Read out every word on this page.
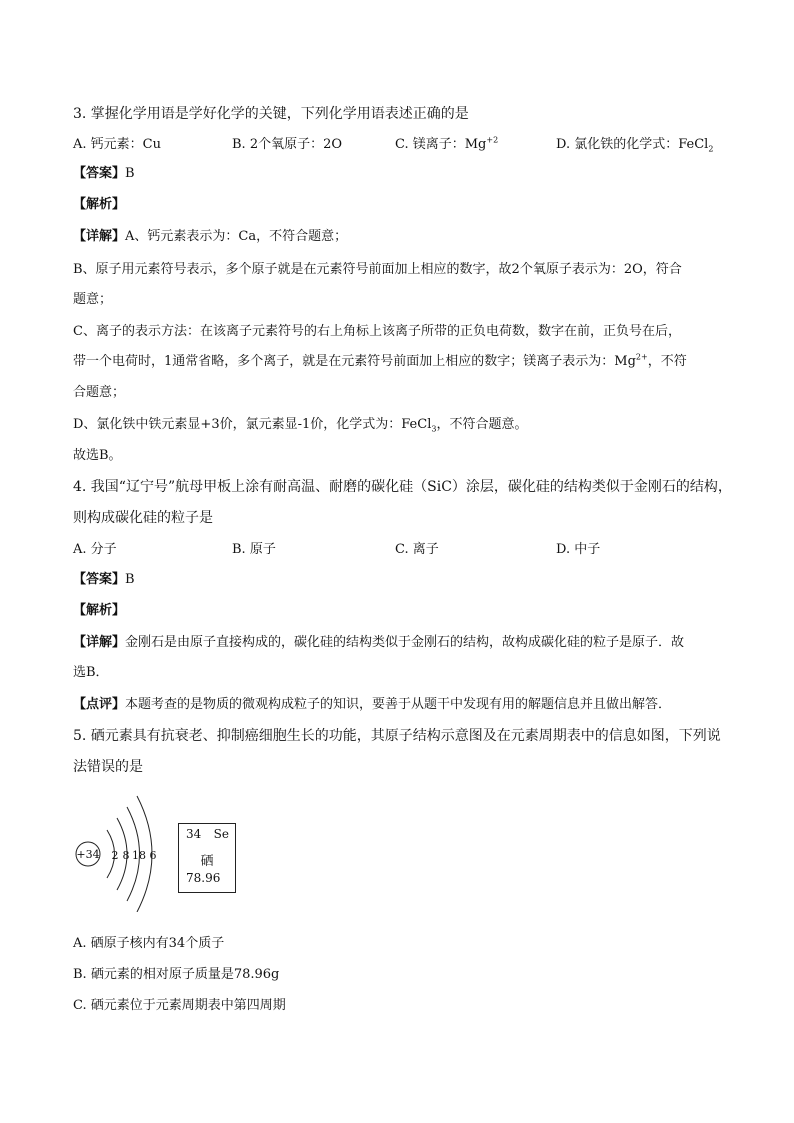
3. 掌握化学用语是学好化学的关键，下列化学用语表述正确的是
A. 钙元素：Cu	B. 2个氧原子：2O	C. 镁离子：$Mg^{+2}$	D. 氯化铁的化学式：FeCl$_2$
【答案】B
【解析】
【详解】A、钙元素表示为：Ca，不符合题意；
B、原子用元素符号表示，多个原子就是在元素符号前面加上相应的数字，故2个氧原子表示为：2O，符合
题意；
C、离子的表示方法：在该离子元素符号的右上角标上该离子所带的正负电荷数，数字在前，正负号在后，
带一个电荷时，1通常省略，多个离子，就是在元素符号前面加上相应的数字；镁离子表示为：$Mg^{2+}$，不符
合题意；
D、氯化铁中铁元素显+3价，氯元素显-1价，化学式为：FeCl$_3$，不符合题意。
故选B。
4. 我国“辽宁号”航母甲板上涂有耐高温、耐磨的碳化硅（SiC）涂层，碳化硅的结构类似于金刚石的结构，
则构成碳化硅的粒子是
A. 分子	B. 原子	C. 离子	D. 中子
【答案】B
【解析】
【详解】金刚石是由原子直接构成的，碳化硅的结构类似于金刚石的结构，故构成碳化硅的粒子是原子．故
选B．
【点评】本题考查的是物质的微观构成粒子的知识，要善于从题干中发现有用的解题信息并且做出解答．
5. 硒元素具有抗衰老、抑制癌细胞生长的功能，其原子结构示意图及在元素周期表中的信息如图，下列说
法错误的是
+34 2 8 18 6
34 Se
硒
78.96
A. 硒原子核内有34个质子
B. 硒元素的相对原子质量是78.96g
C. 硒元素位于元素周期表中第四周期
